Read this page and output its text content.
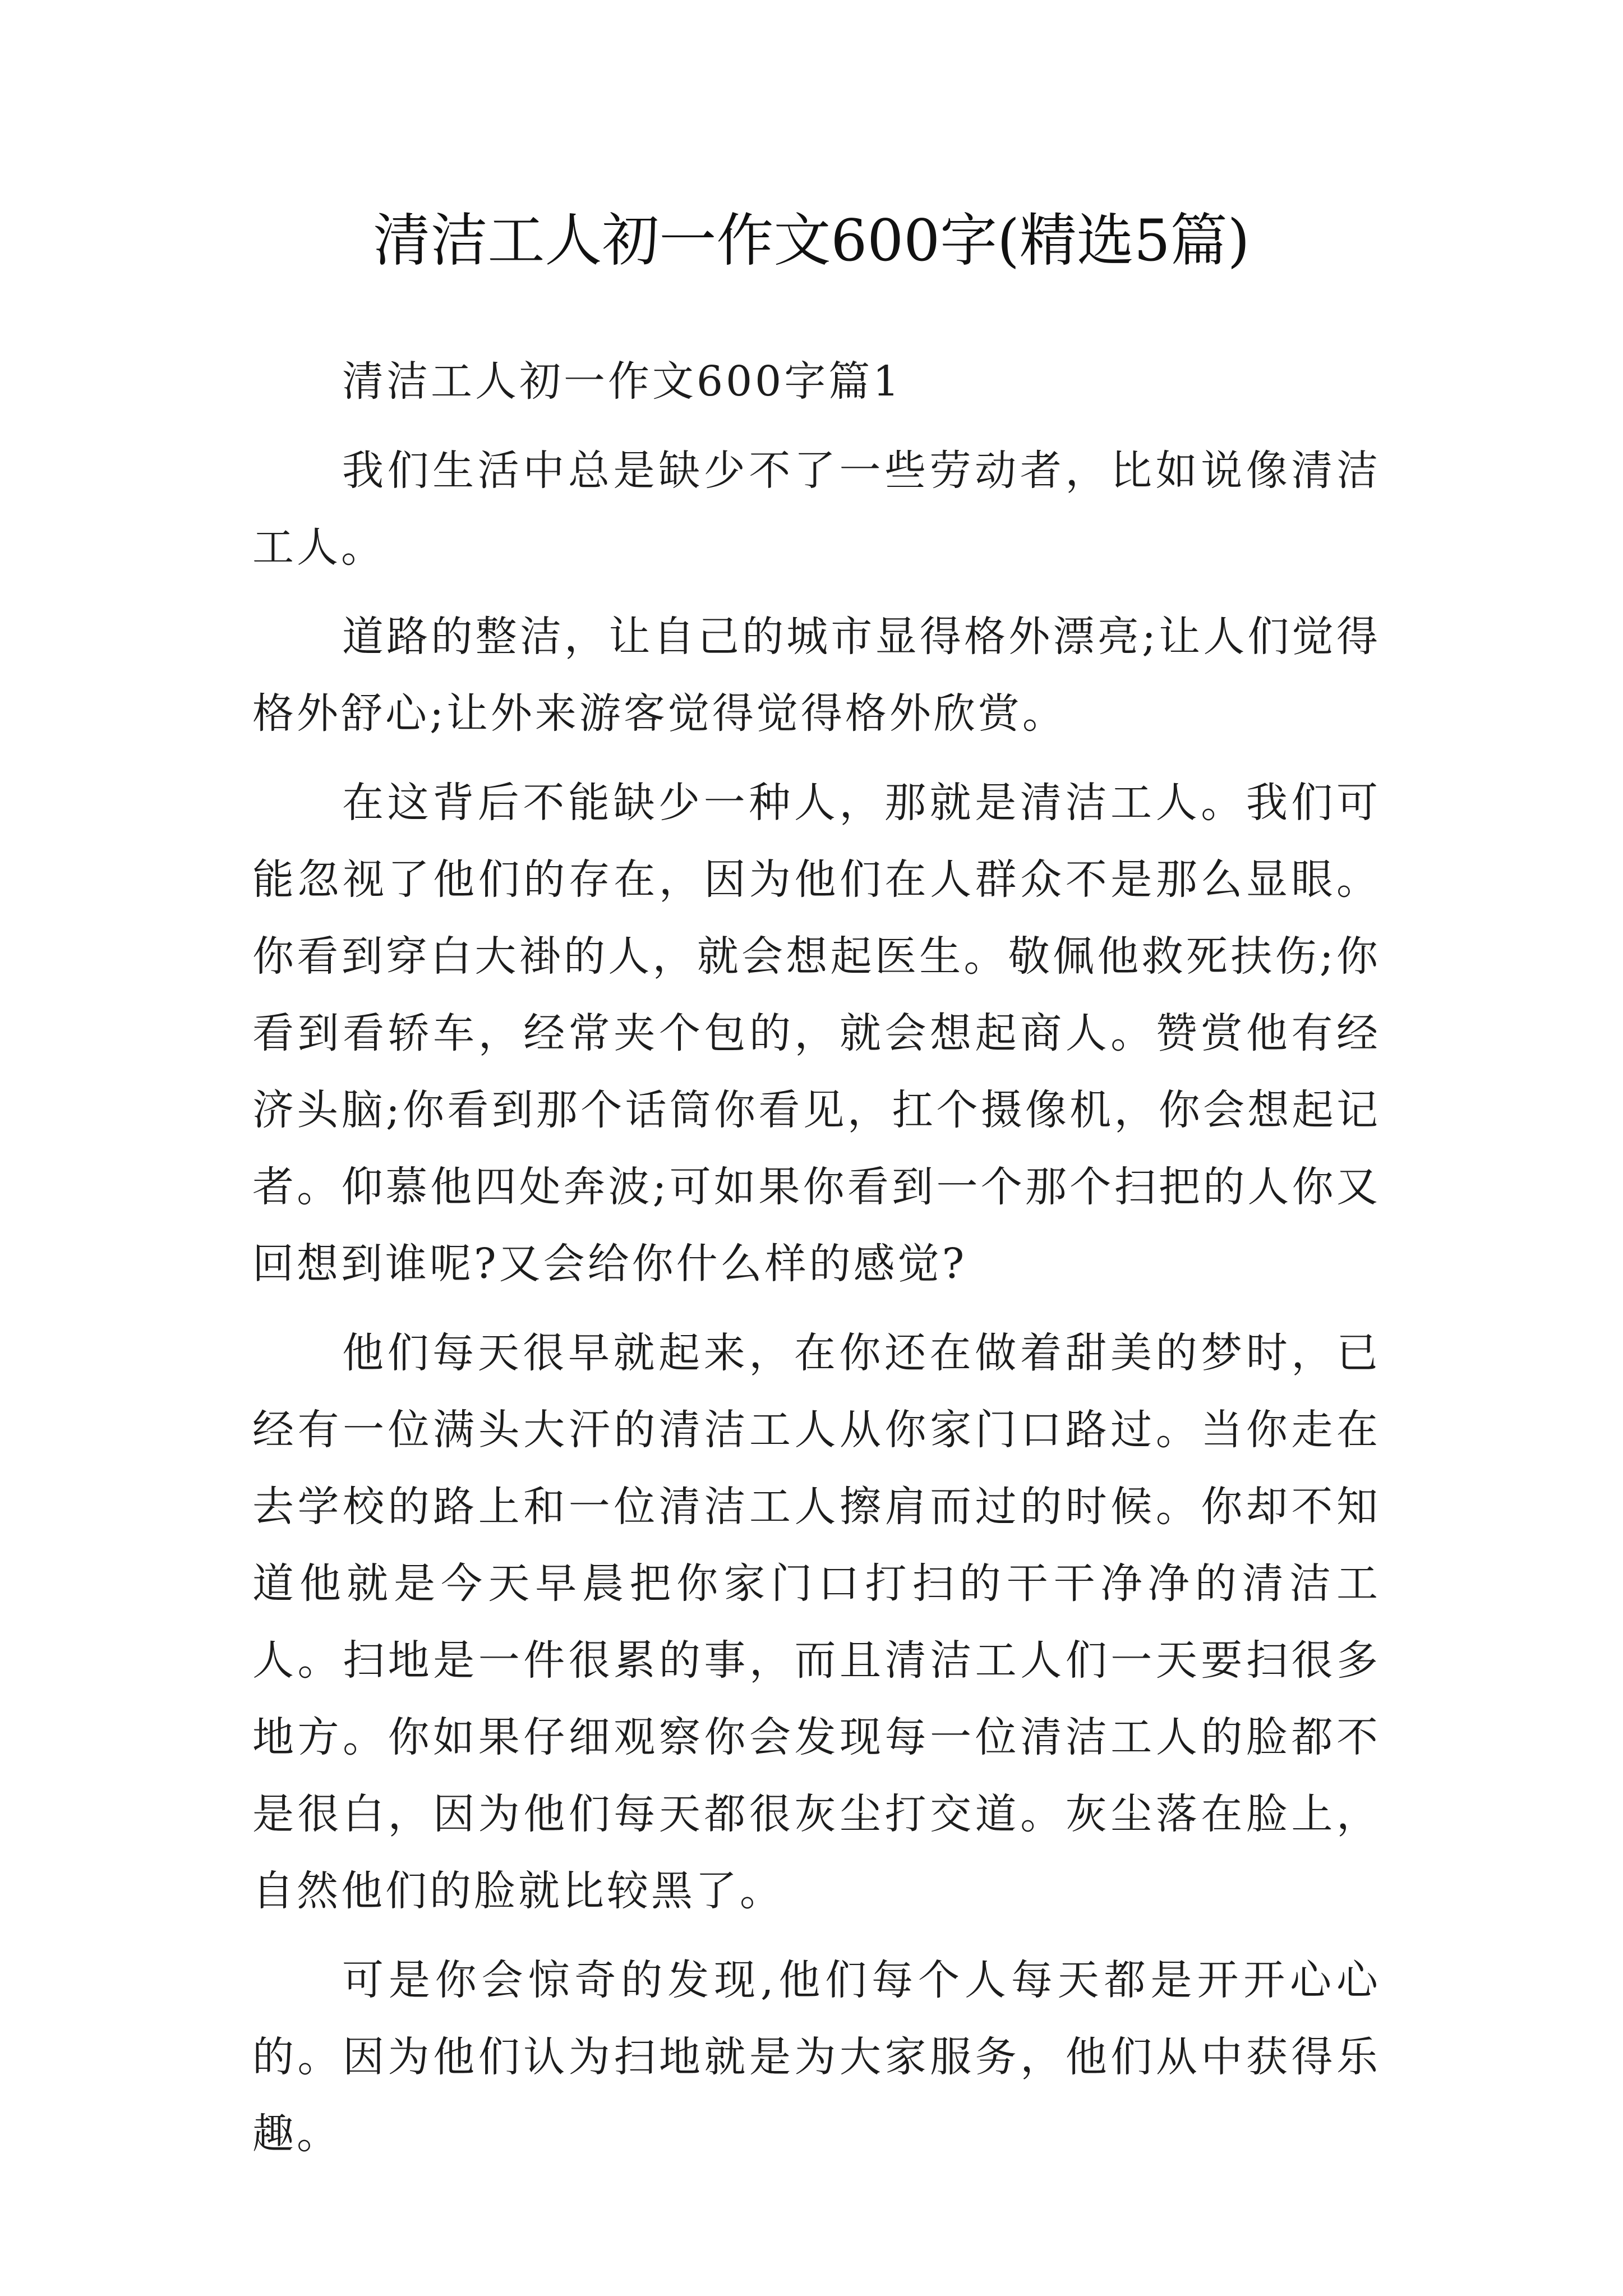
清洁工人初一作文600字(精选5篇)

清洁工人初一作文600字篇1

我们生活中总是缺少不了一些劳动者，比如说像清洁工人。

道路的整洁，让自己的城市显得格外漂亮;让人们觉得格外舒心;让外来游客觉得觉得格外欣赏。

在这背后不能缺少一种人，那就是清洁工人。我们可能忽视了他们的存在，因为他们在人群众不是那么显眼。你看到穿白大褂的人，就会想起医生。敬佩他救死扶伤;你看到看轿车，经常夹个包的，就会想起商人。赞赏他有经济头脑;你看到那个话筒你看见，扛个摄像机，你会想起记者。仰慕他四处奔波;可如果你看到一个那个扫把的人你又回想到谁呢?又会给你什么样的感觉?

他们每天很早就起来，在你还在做着甜美的梦时，已经有一位满头大汗的清洁工人从你家门口路过。当你走在去学校的路上和一位清洁工人擦肩而过的时候。你却不知道他就是今天早晨把你家门口打扫的干干净净的清洁工人。扫地是一件很累的事，而且清洁工人们一天要扫很多地方。你如果仔细观察你会发现每一位清洁工人的脸都不是很白，因为他们每天都很灰尘打交道。灰尘落在脸上，自然他们的脸就比较黑了。

可是你会惊奇的发现,他们每个人每天都是开开心心的。因为他们认为扫地就是为大家服务，他们从中获得乐趣。
